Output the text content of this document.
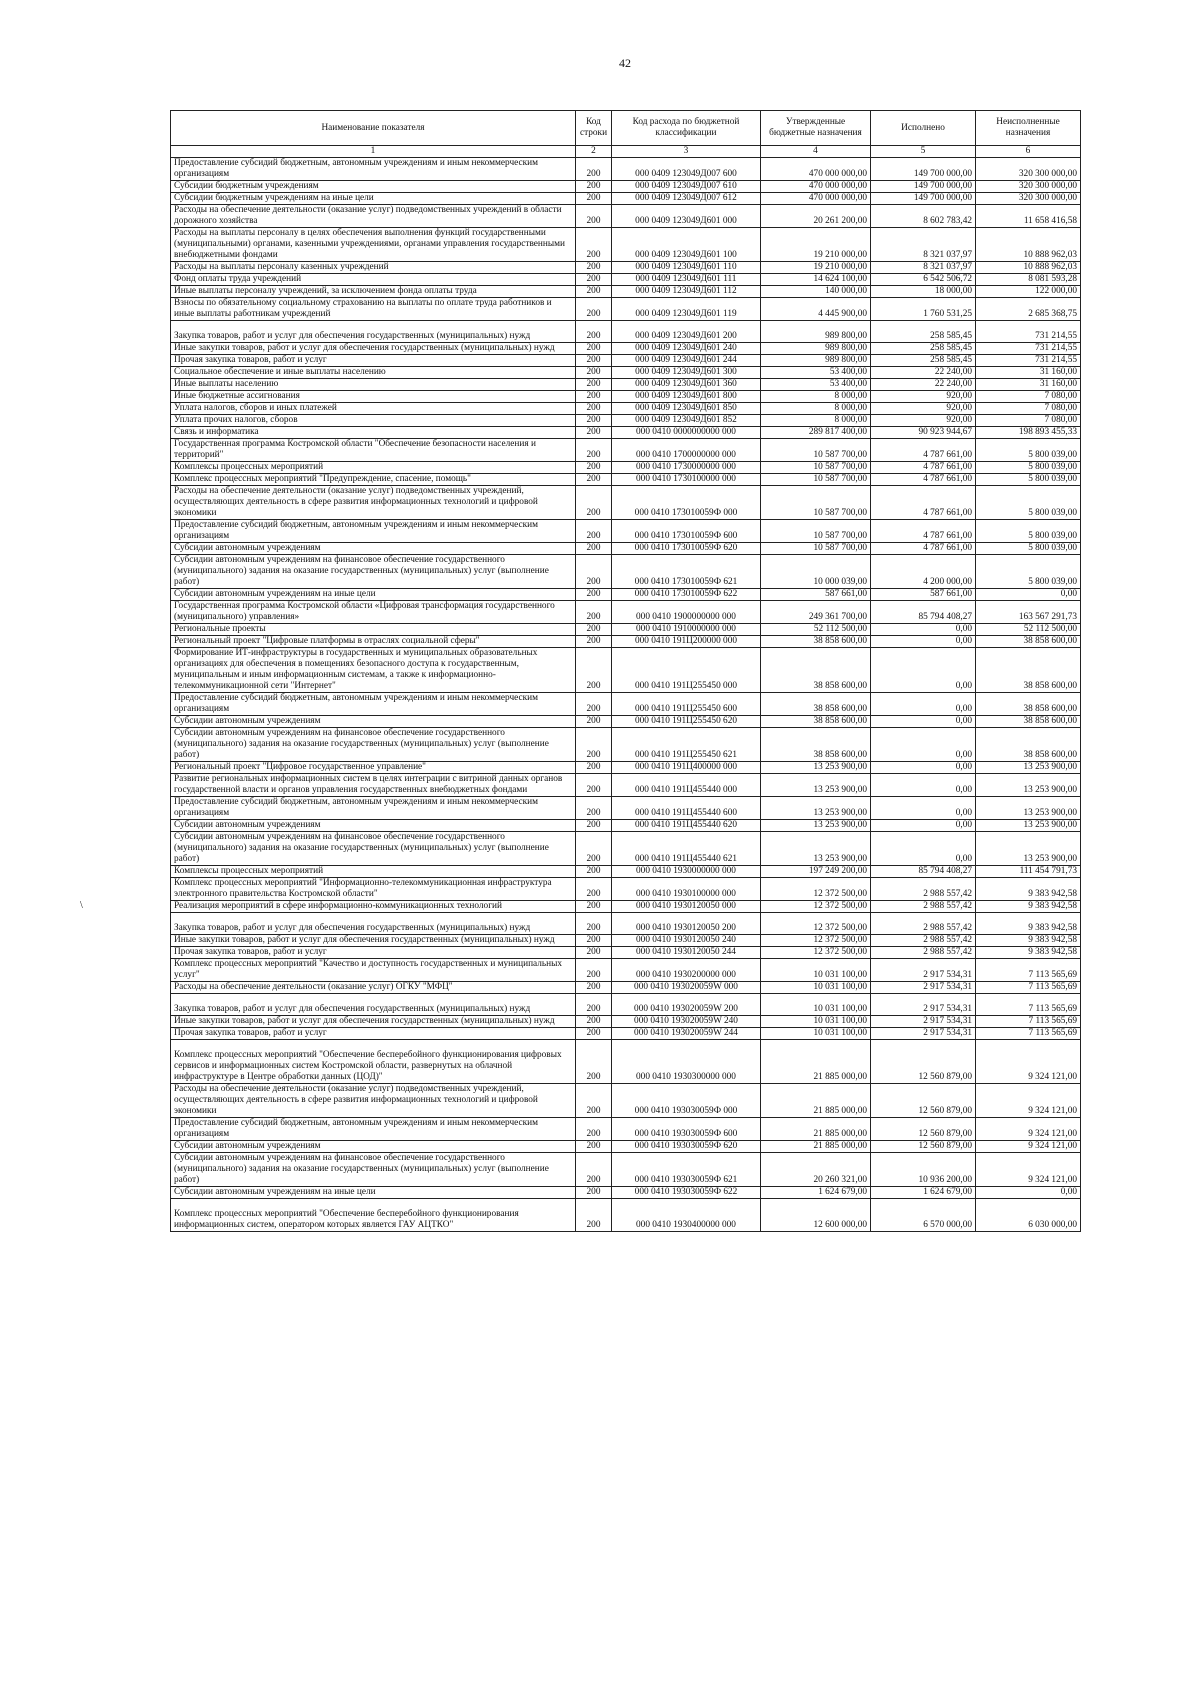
42
\
Наименование показателя	Код строки	Код расхода по бюджетной классификации	Утвержденные бюджетные назначения	Исполнено	Неисполненные назначения
1	2	3	4	5	6
Предоставление субсидий бюджетным, автономным учреждениям и иным некоммерческим организациям	200	000 0409 123049Д007 600	470 000 000,00	149 700 000,00	320 300 000,00
Субсидии бюджетным учреждениям	200	000 0409 123049Д007 610	470 000 000,00	149 700 000,00	320 300 000,00
Субсидии бюджетным учреждениям на иные цели	200	000 0409 123049Д007 612	470 000 000,00	149 700 000,00	320 300 000,00
Расходы на обеспечение деятельности (оказание услуг) подведомственных учреждений в области дорожного хозяйства	200	000 0409 123049Д601 000	20 261 200,00	8 602 783,42	11 658 416,58
Расходы на выплаты персоналу в целях обеспечения выполнения функций государственными (муниципальными) органами, казенными учреждениями, органами управления государственными внебюджетными фондами	200	000 0409 123049Д601 100	19 210 000,00	8 321 037,97	10 888 962,03
Расходы на выплаты персоналу казенных учреждений	200	000 0409 123049Д601 110	19 210 000,00	8 321 037,97	10 888 962,03
Фонд оплаты труда учреждений	200	000 0409 123049Д601 111	14 624 100,00	6 542 506,72	8 081 593,28
Иные выплаты персоналу учреждений, за исключением фонда оплаты труда	200	000 0409 123049Д601 112	140 000,00	18 000,00	122 000,00
Взносы по обязательному социальному страхованию на выплаты по оплате труда работников и иные выплаты работникам учреждений	200	000 0409 123049Д601 119	4 445 900,00	1 760 531,25	2 685 368,75
Закупка товаров, работ и услуг для обеспечения государственных (муниципальных) нужд	200	000 0409 123049Д601 200	989 800,00	258 585,45	731 214,55
Иные закупки товаров, работ и услуг для обеспечения государственных (муниципальных) нужд	200	000 0409 123049Д601 240	989 800,00	258 585,45	731 214,55
Прочая закупка товаров, работ и услуг	200	000 0409 123049Д601 244	989 800,00	258 585,45	731 214,55
Социальное обеспечение и иные выплаты населению	200	000 0409 123049Д601 300	53 400,00	22 240,00	31 160,00
Иные выплаты населению	200	000 0409 123049Д601 360	53 400,00	22 240,00	31 160,00
Иные бюджетные ассигнования	200	000 0409 123049Д601 800	8 000,00	920,00	7 080,00
Уплата налогов, сборов и иных платежей	200	000 0409 123049Д601 850	8 000,00	920,00	7 080,00
Уплата прочих налогов, сборов	200	000 0409 123049Д601 852	8 000,00	920,00	7 080,00
Связь и информатика	200	000 0410 0000000000 000	289 817 400,00	90 923 944,67	198 893 455,33
Государственная программа Костромской области "Обеспечение безопасности населения и территорий"	200	000 0410 1700000000 000	10 587 700,00	4 787 661,00	5 800 039,00
Комплексы процессных мероприятий	200	000 0410 1730000000 000	10 587 700,00	4 787 661,00	5 800 039,00
Комплекс процессных мероприятий "Предупреждение, спасение, помощь"	200	000 0410 1730100000 000	10 587 700,00	4 787 661,00	5 800 039,00
Расходы на обеспечение деятельности (оказание услуг) подведомственных учреждений, осуществляющих деятельность в сфере развития информационных технологий и цифровой экономики	200	000 0410 173010059Ф 000	10 587 700,00	4 787 661,00	5 800 039,00
Предоставление субсидий бюджетным, автономным учреждениям и иным некоммерческим организациям	200	000 0410 173010059Ф 600	10 587 700,00	4 787 661,00	5 800 039,00
Субсидии автономным учреждениям	200	000 0410 173010059Ф 620	10 587 700,00	4 787 661,00	5 800 039,00
Субсидии автономным учреждениям на финансовое обеспечение государственного (муниципального) задания на оказание государственных (муниципальных) услуг (выполнение работ)	200	000 0410 173010059Ф 621	10 000 039,00	4 200 000,00	5 800 039,00
Субсидии автономным учреждениям на иные цели	200	000 0410 173010059Ф 622	587 661,00	587 661,00	0,00
Государственная программа Костромской области «Цифровая трансформация государственного (муниципального) управления»	200	000 0410 1900000000 000	249 361 700,00	85 794 408,27	163 567 291,73
Региональные проекты	200	000 0410 1910000000 000	52 112 500,00	0,00	52 112 500,00
Региональный проект "Цифровые платформы в отраслях социальной сферы"	200	000 0410 191Ц200000 000	38 858 600,00	0,00	38 858 600,00
Формирование ИТ-инфраструктуры в государственных и муниципальных образовательных организациях для обеспечения в помещениях безопасного доступа к государственным, муниципальным и иным информационным системам, а также к информационно-телекоммуникационной сети "Интернет"	200	000 0410 191Ц255450 000	38 858 600,00	0,00	38 858 600,00
Предоставление субсидий бюджетным, автономным учреждениям и иным некоммерческим организациям	200	000 0410 191Ц255450 600	38 858 600,00	0,00	38 858 600,00
Субсидии автономным учреждениям	200	000 0410 191Ц255450 620	38 858 600,00	0,00	38 858 600,00
Субсидии автономным учреждениям на финансовое обеспечение государственного (муниципального) задания на оказание государственных (муниципальных) услуг (выполнение работ)	200	000 0410 191Ц255450 621	38 858 600,00	0,00	38 858 600,00
Региональный проект "Цифровое государственное управление"	200	000 0410 191Ц400000 000	13 253 900,00	0,00	13 253 900,00
Развитие региональных информационных систем в целях интеграции с витриной данных органов государственной власти и органов управления государственных внебюджетных фондами	200	000 0410 191Ц455440 000	13 253 900,00	0,00	13 253 900,00
Предоставление субсидий бюджетным, автономным учреждениям и иным некоммерческим организациям	200	000 0410 191Ц455440 600	13 253 900,00	0,00	13 253 900,00
Субсидии автономным учреждениям	200	000 0410 191Ц455440 620	13 253 900,00	0,00	13 253 900,00
Субсидии автономным учреждениям на финансовое обеспечение государственного (муниципального) задания на оказание государственных (муниципальных) услуг (выполнение работ)	200	000 0410 191Ц455440 621	13 253 900,00	0,00	13 253 900,00
Комплексы процессных мероприятий	200	000 0410 1930000000 000	197 249 200,00	85 794 408,27	111 454 791,73
Комплекс процессных мероприятий "Информационно-телекоммуникационная инфраструктура электронного правительства Костромской области"	200	000 0410 1930100000 000	12 372 500,00	2 988 557,42	9 383 942,58
Реализация мероприятий в сфере информационно-коммуникационных технологий	200	000 0410 1930120050 000	12 372 500,00	2 988 557,42	9 383 942,58
Закупка товаров, работ и услуг для обеспечения государственных (муниципальных) нужд	200	000 0410 1930120050 200	12 372 500,00	2 988 557,42	9 383 942,58
Иные закупки товаров, работ и услуг для обеспечения государственных (муниципальных) нужд	200	000 0410 1930120050 240	12 372 500,00	2 988 557,42	9 383 942,58
Прочая закупка товаров, работ и услуг	200	000 0410 1930120050 244	12 372 500,00	2 988 557,42	9 383 942,58
Комплекс процессных мероприятий "Качество и доступность государственных и муниципальных услуг"	200	000 0410 1930200000 000	10 031 100,00	2 917 534,31	7 113 565,69
Расходы на обеспечение деятельности (оказание услуг) ОГКУ "МФЦ"	200	000 0410 193020059W 000	10 031 100,00	2 917 534,31	7 113 565,69
Закупка товаров, работ и услуг для обеспечения государственных (муниципальных) нужд	200	000 0410 193020059W 200	10 031 100,00	2 917 534,31	7 113 565,69
Иные закупки товаров, работ и услуг для обеспечения государственных (муниципальных) нужд	200	000 0410 193020059W 240	10 031 100,00	2 917 534,31	7 113 565,69
Прочая закупка товаров, работ и услуг	200	000 0410 193020059W 244	10 031 100,00	2 917 534,31	7 113 565,69
Комплекс процессных мероприятий "Обеспечение бесперебойного функционирования цифровых сервисов и информационных систем Костромской области, развернутых на облачной инфраструктуре в Центре обработки данных (ЦОД)"	200	000 0410 1930300000 000	21 885 000,00	12 560 879,00	9 324 121,00
Расходы на обеспечение деятельности (оказание услуг) подведомственных учреждений, осуществляющих деятельность в сфере развития информационных технологий и цифровой экономики	200	000 0410 193030059Ф 000	21 885 000,00	12 560 879,00	9 324 121,00
Предоставление субсидий бюджетным, автономным учреждениям и иным некоммерческим организациям	200	000 0410 193030059Ф 600	21 885 000,00	12 560 879,00	9 324 121,00
Субсидии автономным учреждениям	200	000 0410 193030059Ф 620	21 885 000,00	12 560 879,00	9 324 121,00
Субсидии автономным учреждениям на финансовое обеспечение государственного (муниципального) задания на оказание государственных (муниципальных) услуг (выполнение работ)	200	000 0410 193030059Ф 621	20 260 321,00	10 936 200,00	9 324 121,00
Субсидии автономным учреждениям на иные цели	200	000 0410 193030059Ф 622	1 624 679,00	1 624 679,00	0,00
Комплекс процессных мероприятий "Обеспечение бесперебойного функционирования информационных систем, оператором которых является ГАУ АЦТКО"	200	000 0410 1930400000 000	12 600 000,00	6 570 000,00	6 030 000,00
